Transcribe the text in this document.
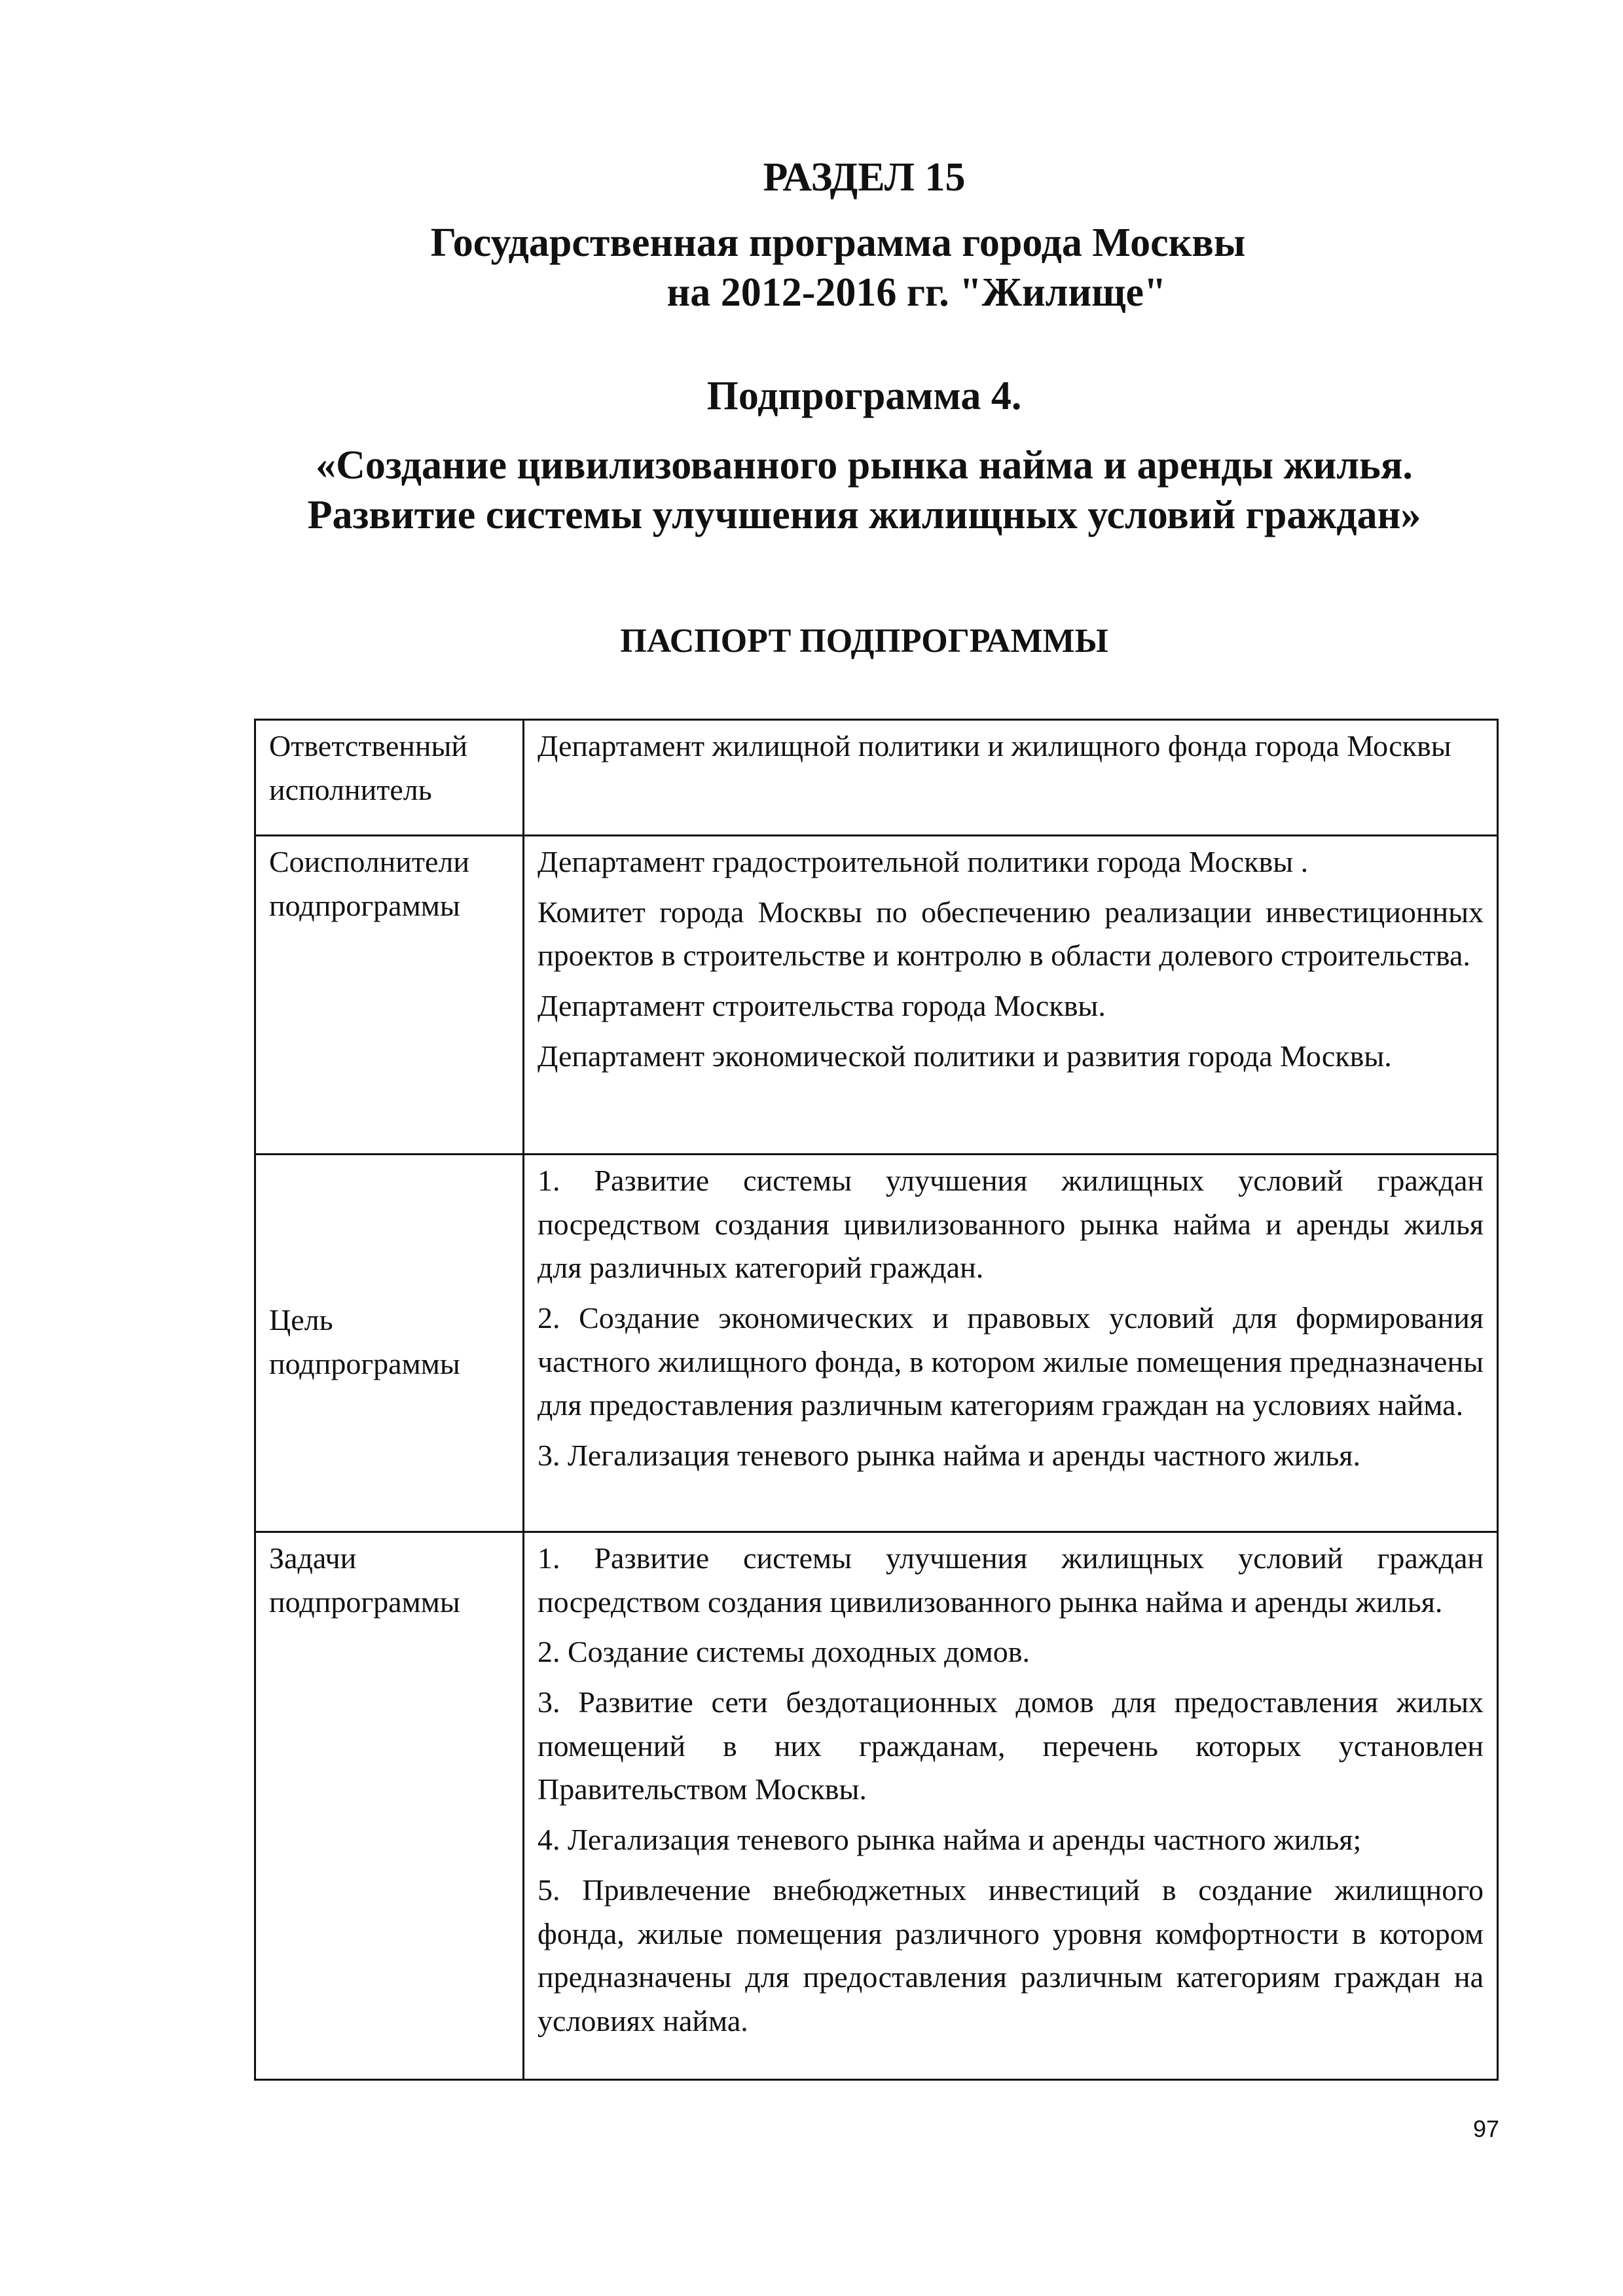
РАЗДЕЛ 15
Государственная программа города Москвы
на 2012-2016 гг. "Жилище"
Подпрограмма 4.
«Создание цивилизованного рынка найма и аренды жилья.
Развитие системы улучшения жилищных условий граждан»
ПАСПОРТ ПОДПРОГРАММЫ
Ответственный исполнитель	Департамент жилищной политики и жилищного фонда города Москвы

Соисполнители подпрограммы	Департамент градостроительной политики города Москвы .

Комитет города Москвы по обеспечению реализации инвестиционных проектов в строительстве и контролю в области долевого строительства.

Департамент строительства города Москвы.

Департамент экономической политики и развития города Москвы.

Цель подпрограммы	1. Развитие системы улучшения жилищных условий граждан посредством создания цивилизованного рынка найма и аренды жилья для различных категорий граждан.

2. Создание экономических и правовых условий для формирования частного жилищного фонда, в котором жилые помещения предназначены для предоставления различным категориям граждан на условиях найма.

3. Легализация теневого рынка найма и аренды частного жилья.

Задачи подпрограммы	1. Развитие системы улучшения жилищных условий граждан посредством создания цивилизованного рынка найма и аренды жилья.

2. Создание системы доходных домов.

3. Развитие сети бездотационных домов для предоставления жилых помещений в них гражданам, перечень которых установлен Правительством Москвы.

4. Легализация теневого рынка найма и аренды частного жилья;

5. Привлечение внебюджетных инвестиций в создание жилищного фонда, жилые помещения различного уровня комфортности в котором предназначены для предоставления различным категориям граждан на условиях найма.

97
